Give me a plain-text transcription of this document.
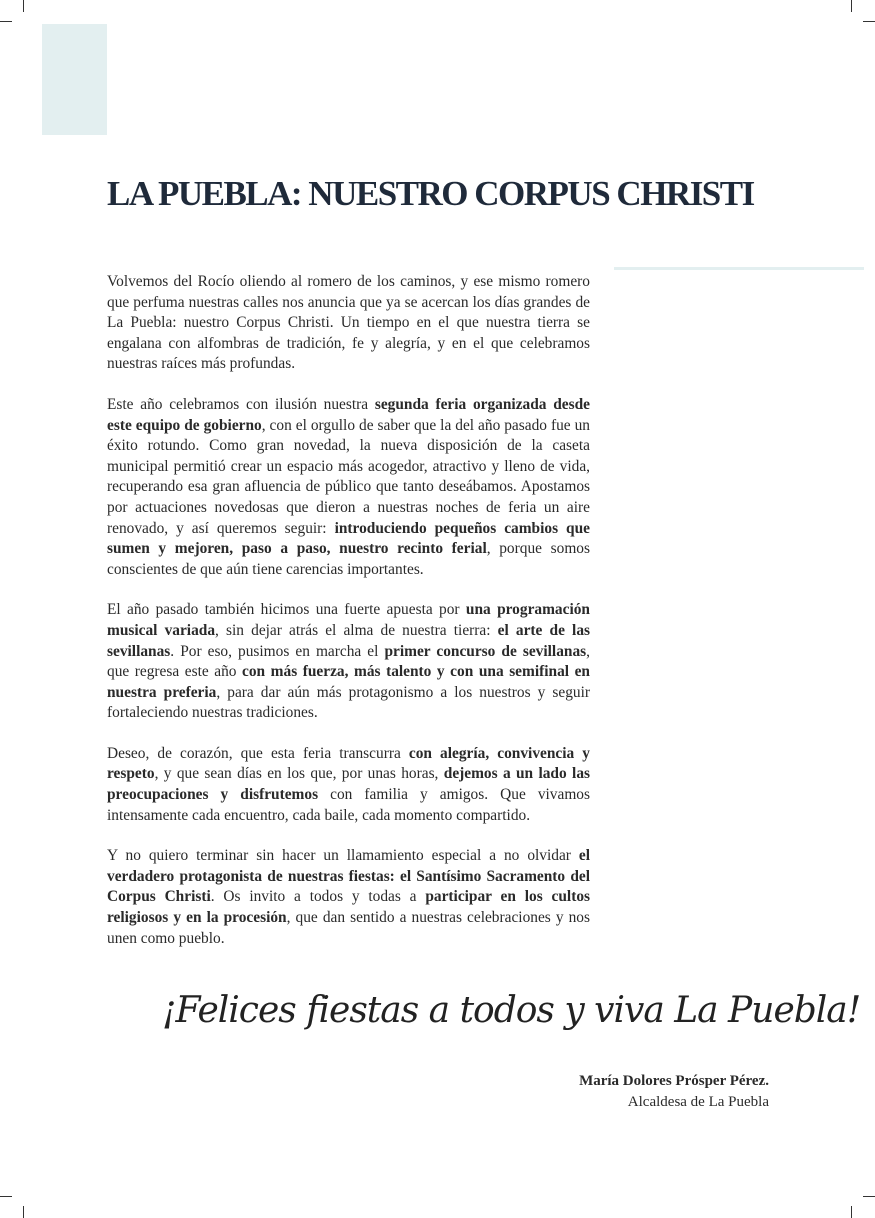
LA PUEBLA: NUESTRO CORPUS CHRISTI

Volvemos del Rocío oliendo al romero de los caminos, y ese mismo romero que perfuma nuestras calles nos anuncia que ya se acercan los días grandes de La Puebla: nuestro Corpus Christi. Un tiempo en el que nuestra tierra se engalana con alfombras de tradición, fe y alegría, y en el que celebramos nuestras raíces más profundas.

Este año celebramos con ilusión nuestra segunda feria organizada desde este equipo de gobierno, con el orgullo de saber que la del año pasado fue un éxito rotundo. Como gran novedad, la nueva disposición de la caseta municipal permitió crear un espacio más acogedor, atractivo y lleno de vida, recuperando esa gran afluencia de público que tanto deseábamos. Apostamos por actuaciones novedosas que dieron a nuestras noches de feria un aire renovado, y así queremos seguir: introduciendo pequeños cambios que sumen y mejoren, paso a paso, nuestro recinto ferial, porque somos conscientes de que aún tiene carencias importantes.

El año pasado también hicimos una fuerte apuesta por una programación musical variada, sin dejar atrás el alma de nuestra tierra: el arte de las sevillanas. Por eso, pusimos en marcha el primer concurso de sevillanas, que regresa este año con más fuerza, más talento y con una semifinal en nuestra preferia, para dar aún más protagonismo a los nuestros y seguir fortaleciendo nuestras tradiciones.

Deseo, de corazón, que esta feria transcurra con alegría, convivencia y respeto, y que sean días en los que, por unas horas, dejemos a un lado las preocupaciones y disfrutemos con familia y amigos. Que vivamos intensamente cada encuentro, cada baile, cada momento compartido.

Y no quiero terminar sin hacer un llamamiento especial a no olvidar el verdadero protagonista de nuestras fiestas: el Santísimo Sacramento del Corpus Christi. Os invito a todos y todas a participar en los cultos religiosos y en la procesión, que dan sentido a nuestras celebraciones y nos unen como pueblo.

¡Felices fiestas a todos y viva La Puebla!
María Dolores Prósper Pérez.
Alcaldesa de La Puebla
